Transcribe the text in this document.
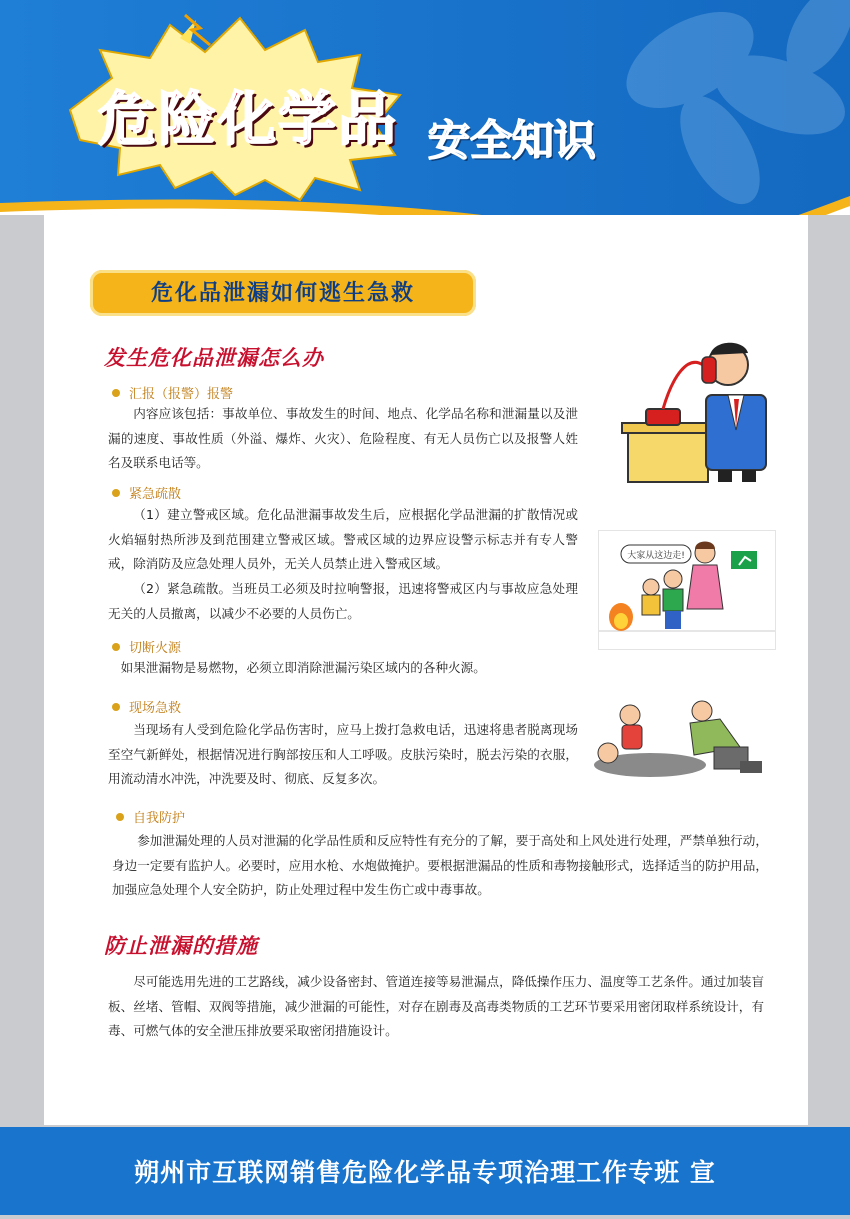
危险化学品 安全知识
危化品泄漏如何逃生急救
发生危化品泄漏怎么办
汇报（报警）报警
内容应该包括：事故单位、事故发生的时间、地点、化学品名称和泄漏量以及泄漏的速度、事故性质（外溢、爆炸、火灾）、危险程度、有无人员伤亡以及报警人姓名及联系电话等。
紧急疏散
（1）建立警戒区域。危化品泄漏事故发生后，应根据化学品泄漏的扩散情况或火焰辐射热所涉及到范围建立警戒区域。警戒区域的边界应设警示标志并有专人警戒，除消防及应急处理人员外，无关人员禁止进入警戒区域。
（2）紧急疏散。当班员工必须及时拉响警报，迅速将警戒区内与事故应急处理无关的人员撤离，以减少不必要的人员伤亡。
切断火源
如果泄漏物是易燃物，必须立即消除泄漏污染区域内的各种火源。
现场急救
当现场有人受到危险化学品伤害时，应马上拨打急救电话，迅速将患者脱离现场至空气新鲜处，根据情况进行胸部按压和人工呼吸。皮肤污染时，脱去污染的衣服，用流动清水冲洗，冲洗要及时、彻底、反复多次。
自我防护
参加泄漏处理的人员对泄漏的化学品性质和反应特性有充分的了解，要于高处和上风处进行处理，严禁单独行动，身边一定要有监护人。必要时，应用水枪、水炮做掩护。要根据泄漏品的性质和毒物接触形式，选择适当的防护用品，加强应急处理个人安全防护，防止处理过程中发生伤亡或中毒事故。
防止泄漏的措施
尽可能选用先进的工艺路线，减少设备密封、管道连接等易泄漏点，降低操作压力、温度等工艺条件。通过加装盲板、丝堵、管帽、双阀等措施，减少泄漏的可能性，对存在剧毒及高毒类物质的工艺环节要采用密闭取样系统设计，有毒、可燃气体的安全泄压排放要采取密闭措施设计。
大家从这边走!
朔州市互联网销售危险化学品专项治理工作专班 宣
